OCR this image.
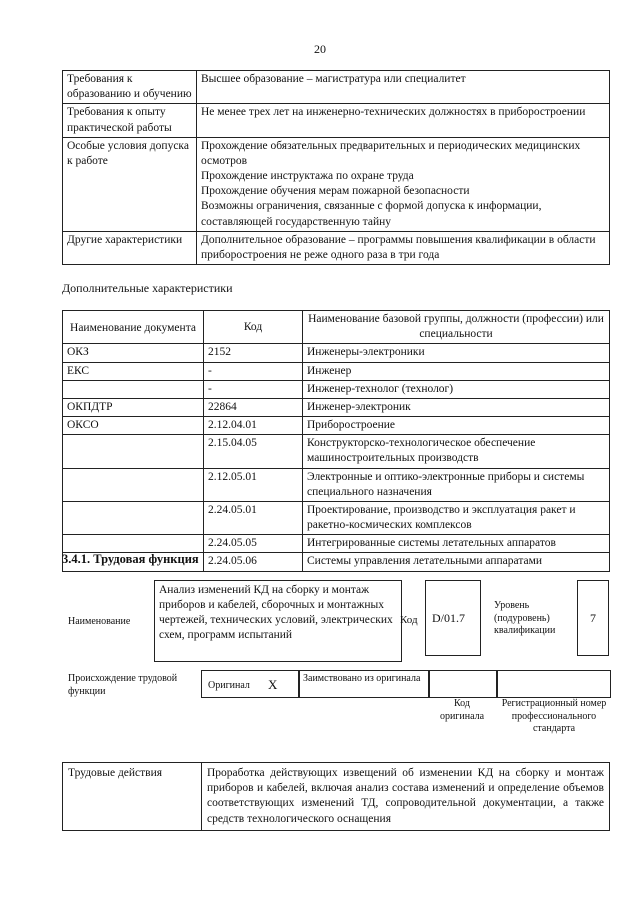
20
Требования к образованию и обучению	Высшее образование – магистратура или специалитет

Требования к опыту практической работы	Не менее трех лет на инженерно-технических должностях в приборостроении

Особые условия допуска к работе	Прохождение обязательных предварительных и периодических медицинских осмотров
Прохождение инструктажа по охране труда
Прохождение обучения мерам пожарной безопасности
Возможны ограничения, связанные с формой допуска к информации, составляющей государственную тайну

Другие характеристики	Дополнительное образование – программы повышения квалификации в области приборостроения не реже одного раза в три года
Дополнительные характеристики
Наименование документа	Код	Наименование базовой группы, должности (профессии) или специальности
ОКЗ	2152	Инженеры-электроники
ЕКС	-	Инженер
	-	Инженер-технолог (технолог)
ОКПДТР	22864	Инженер-электроник
ОКСО	2.12.04.01	Приборостроение
	2.15.04.05	Конструкторско-технологическое обеспечение машиностроительных производств
	2.12.05.01	Электронные и оптико-электронные приборы и системы специального назначения
	2.24.05.01	Проектирование, производство и эксплуатация ракет и ракетно-космических комплексов
	2.24.05.05	Интегрированные системы летательных аппаратов
	2.24.05.06	Системы управления летательными аппаратами
3.4.1. Трудовая функция
Наименование
Анализ изменений КД на сборку и монтаж приборов и кабелей, сборочных и монтажных чертежей, технических условий, электрических схем, программ испытаний
Код	D/01.7
Уровень (подуровень) квалификации
7
Происхождение трудовой функции	Оригинал X	Заимствовано из оригинала
Код оригинала
Регистрационный номер профессионального стандарта
Трудовые действия	Проработка действующих извещений об изменении КД на сборку и монтаж приборов и кабелей, включая анализ состава изменений и определение объемов соответствующих изменений ТД, сопроводительной документации, а также средств технологического оснащения
